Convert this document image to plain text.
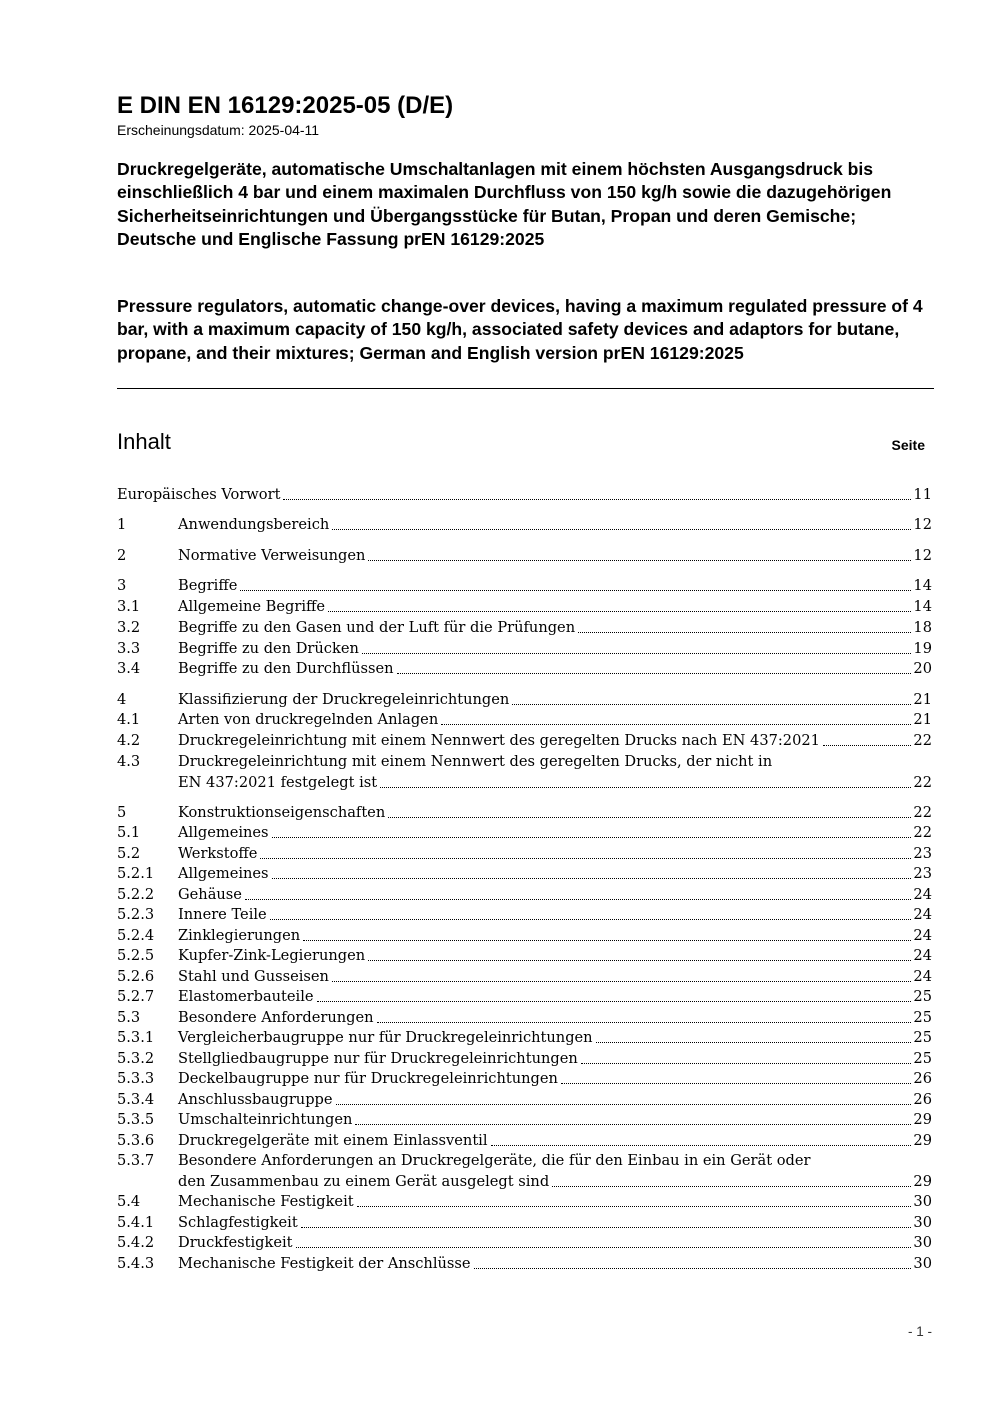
E DIN EN 16129:2025-05 (D/E)
Erscheinungsdatum: 2025-04-11

Druckregelgeräte, automatische Umschaltanlagen mit einem höchsten Ausgangsdruck bis einschließlich 4 bar und einem maximalen Durchfluss von 150 kg/h sowie die dazugehörigen Sicherheitseinrichtungen und Übergangsstücke für Butan, Propan und deren Gemische; Deutsche und Englische Fassung prEN 16129:2025

Pressure regulators, automatic change-over devices, having a maximum regulated pressure of 4 bar, with a maximum capacity of 150 kg/h, associated safety devices and adaptors for butane, propane, and their mixtures; German and English version prEN 16129:2025

Inhalt	Seite
Europäisches Vorwort	11
1	Anwendungsbereich	12
2	Normative Verweisungen	12
3	Begriffe	14
3.1	Allgemeine Begriffe	14
3.2	Begriffe zu den Gasen und der Luft für die Prüfungen	18
3.3	Begriffe zu den Drücken	19
3.4	Begriffe zu den Durchflüssen	20
4	Klassifizierung der Druckregeleinrichtungen	21
4.1	Arten von druckregelnden Anlagen	21
4.2	Druckregeleinrichtung mit einem Nennwert des geregelten Drucks nach EN 437:2021	22
4.3	Druckregeleinrichtung mit einem Nennwert des geregelten Drucks, der nicht in
EN 437:2021 festgelegt ist	22
5	Konstruktionseigenschaften	22
5.1	Allgemeines	22
5.2	Werkstoffe	23
5.2.1 Allgemeines	23
5.2.2 Gehäuse	24
5.2.3 Innere Teile	24
5.2.4 Zinklegierungen	24
5.2.5 Kupfer-Zink-Legierungen	24
5.2.6 Stahl und Gusseisen	24
5.2.7 Elastomerbauteile	25
5.3	Besondere Anforderungen	25
5.3.1 Vergleicherbaugruppe nur für Druckregeleinrichtungen	25
5.3.2 Stellgliedbaugruppe nur für Druckregeleinrichtungen	25
5.3.3 Deckelbaugruppe nur für Druckregeleinrichtungen	26
5.3.4 Anschlussbaugruppe	26
5.3.5 Umschalteinrichtungen	29
5.3.6 Druckregelgeräte mit einem Einlassventil	29
5.3.7 Besondere Anforderungen an Druckregelgeräte, die für den Einbau in ein Gerät oder
den Zusammenbau zu einem Gerät ausgelegt sind	29
5.4	Mechanische Festigkeit	30
5.4.1 Schlagfestigkeit	30
5.4.2 Druckfestigkeit	30
5.4.3 Mechanische Festigkeit der Anschlüsse	30
- 1 -
